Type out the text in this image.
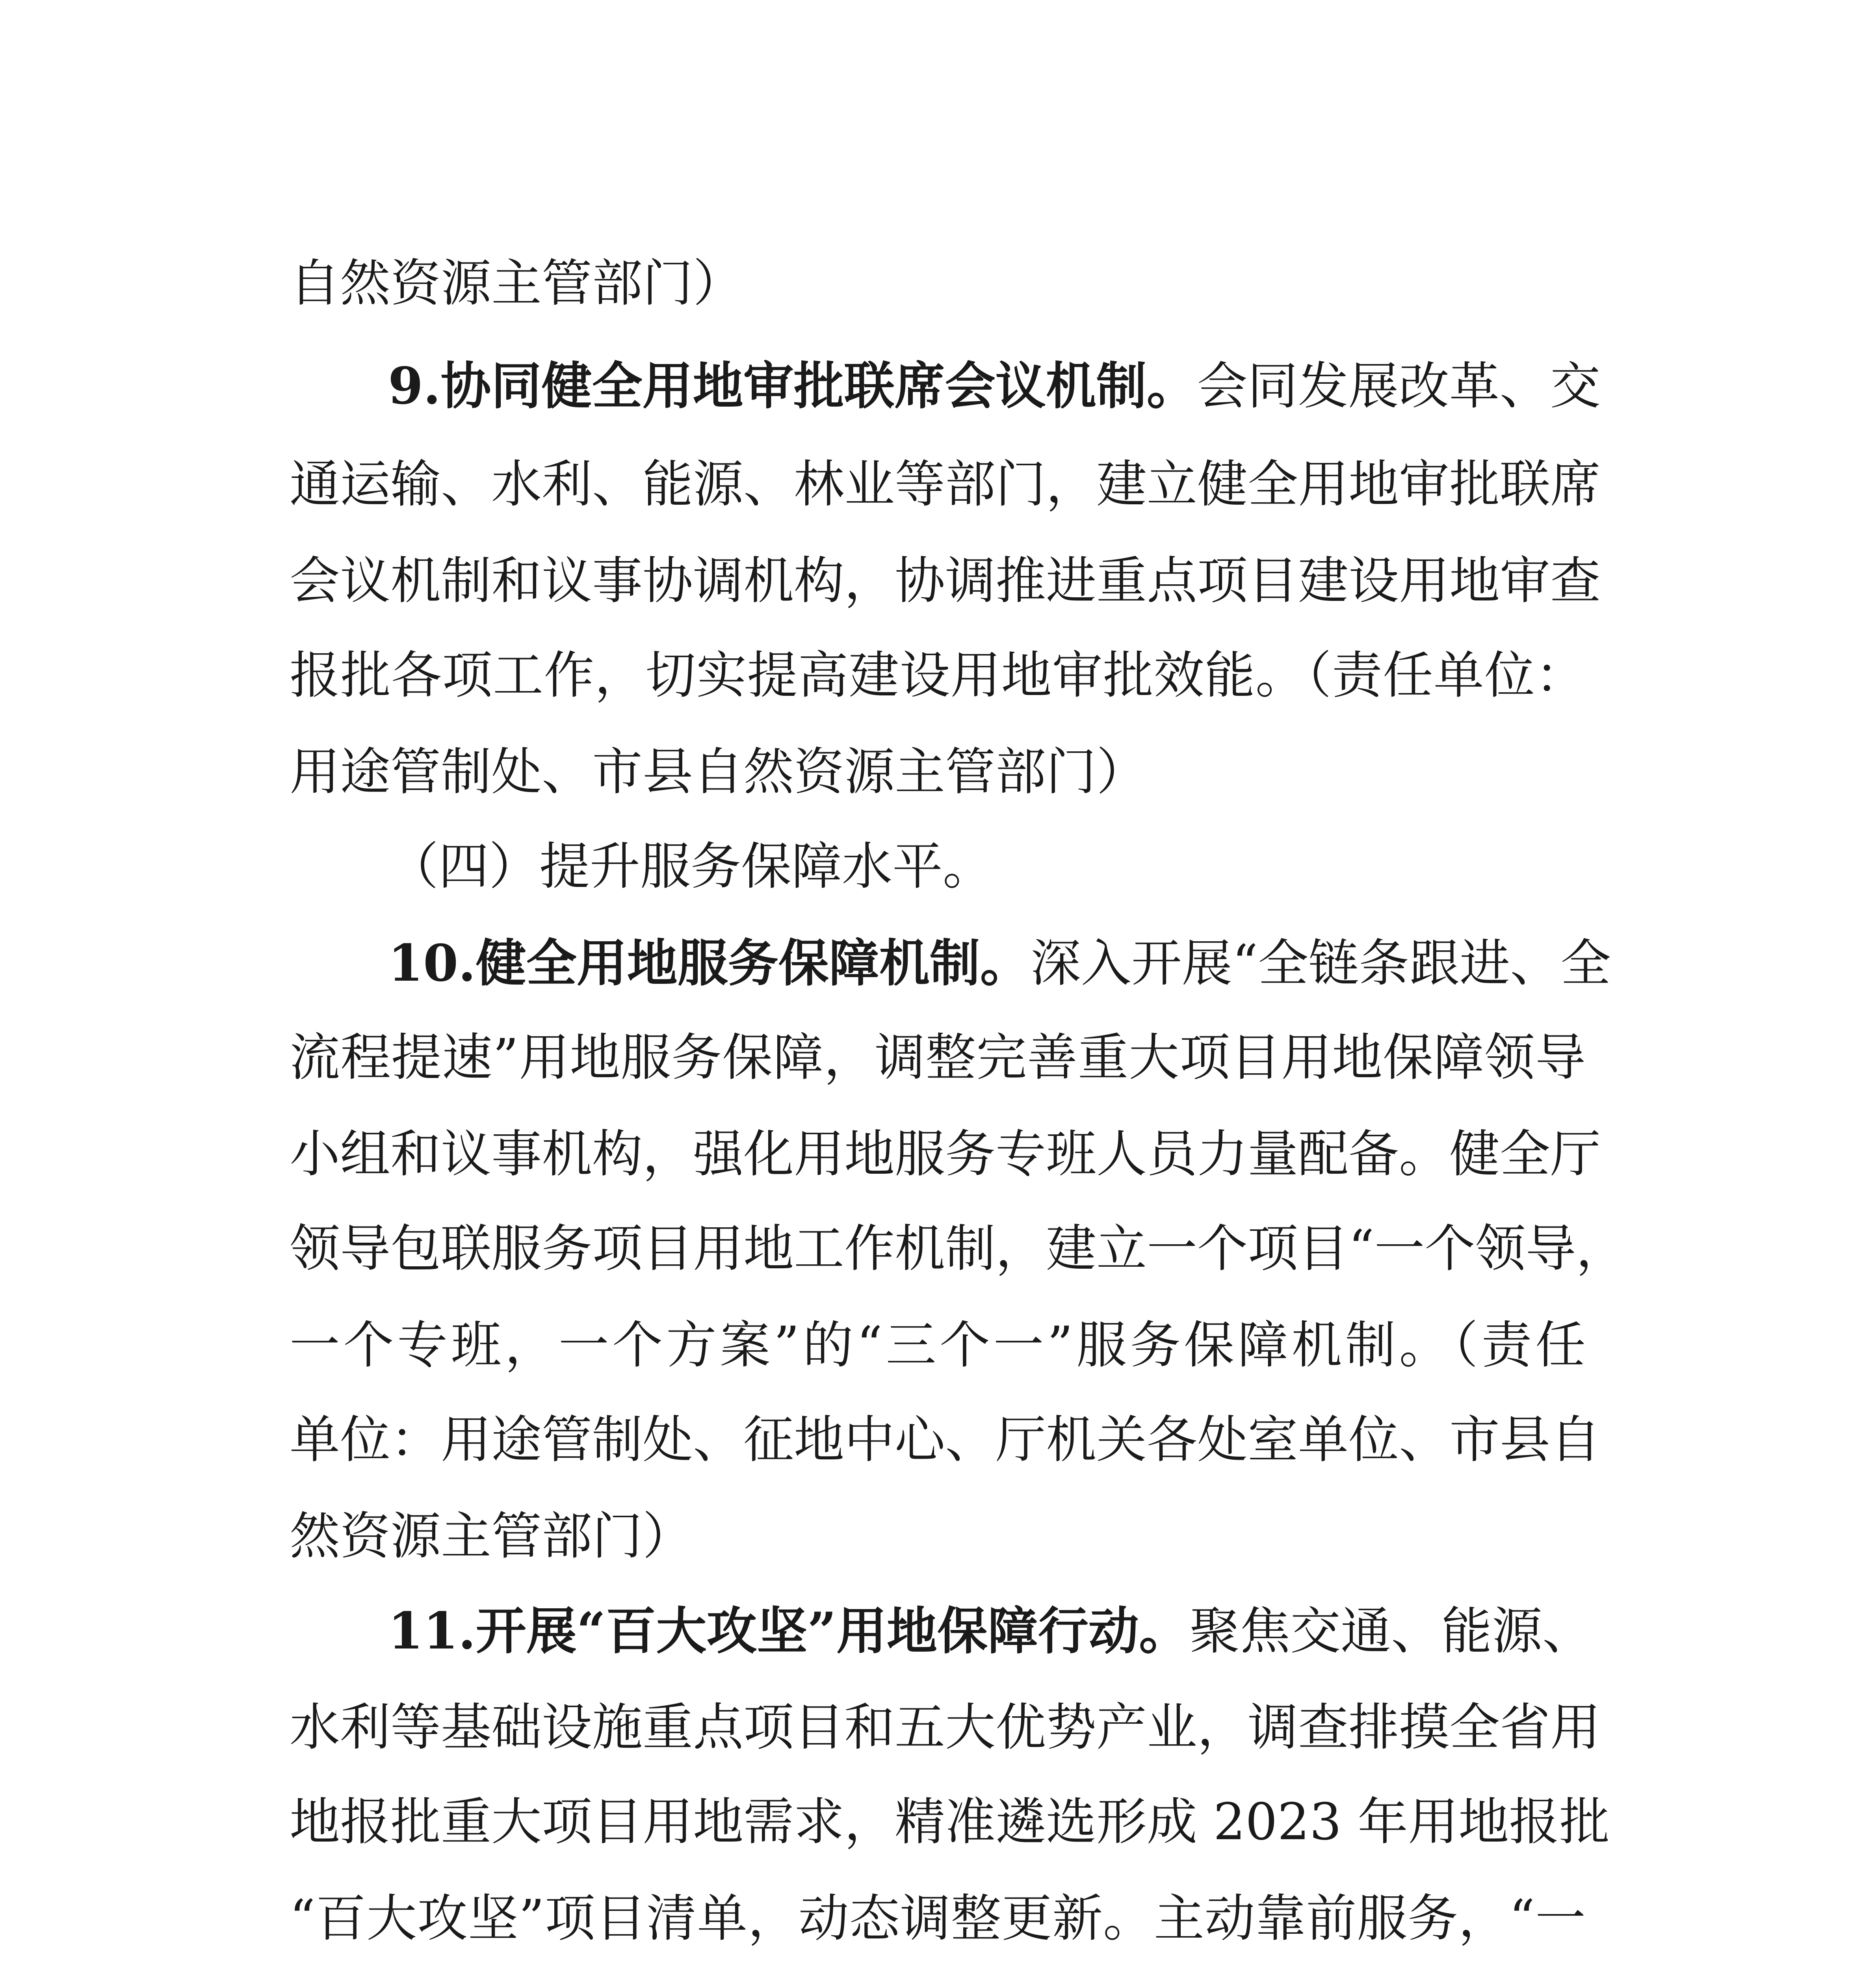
自然资源主管部门）
9.协同健全用地审批联席会议机制。会同发展改革、交
通运输、水利、能源、林业等部门，建立健全用地审批联席
会议机制和议事协调机构，协调推进重点项目建设用地审查
报批各项工作，切实提高建设用地审批效能。（责任单位：
用途管制处、市县自然资源主管部门）
（四）提升服务保障水平。
10.健全用地服务保障机制。深入开展“全链条跟进、全
流程提速”用地服务保障，调整完善重大项目用地保障领导
小组和议事机构，强化用地服务专班人员力量配备。健全厅
领导包联服务项目用地工作机制，建立一个项目“一个领导，
一个专班，一个方案”的“三个一”服务保障机制。（责任
单位：用途管制处、征地中心、厅机关各处室单位、市县自
然资源主管部门）
11.开展“百大攻坚”用地保障行动。聚焦交通、能源、
水利等基础设施重点项目和五大优势产业，调查排摸全省用
地报批重大项目用地需求，精准遴选形成 2023 年用地报批
“百大攻坚”项目清单，动态调整更新。主动靠前服务，“一
